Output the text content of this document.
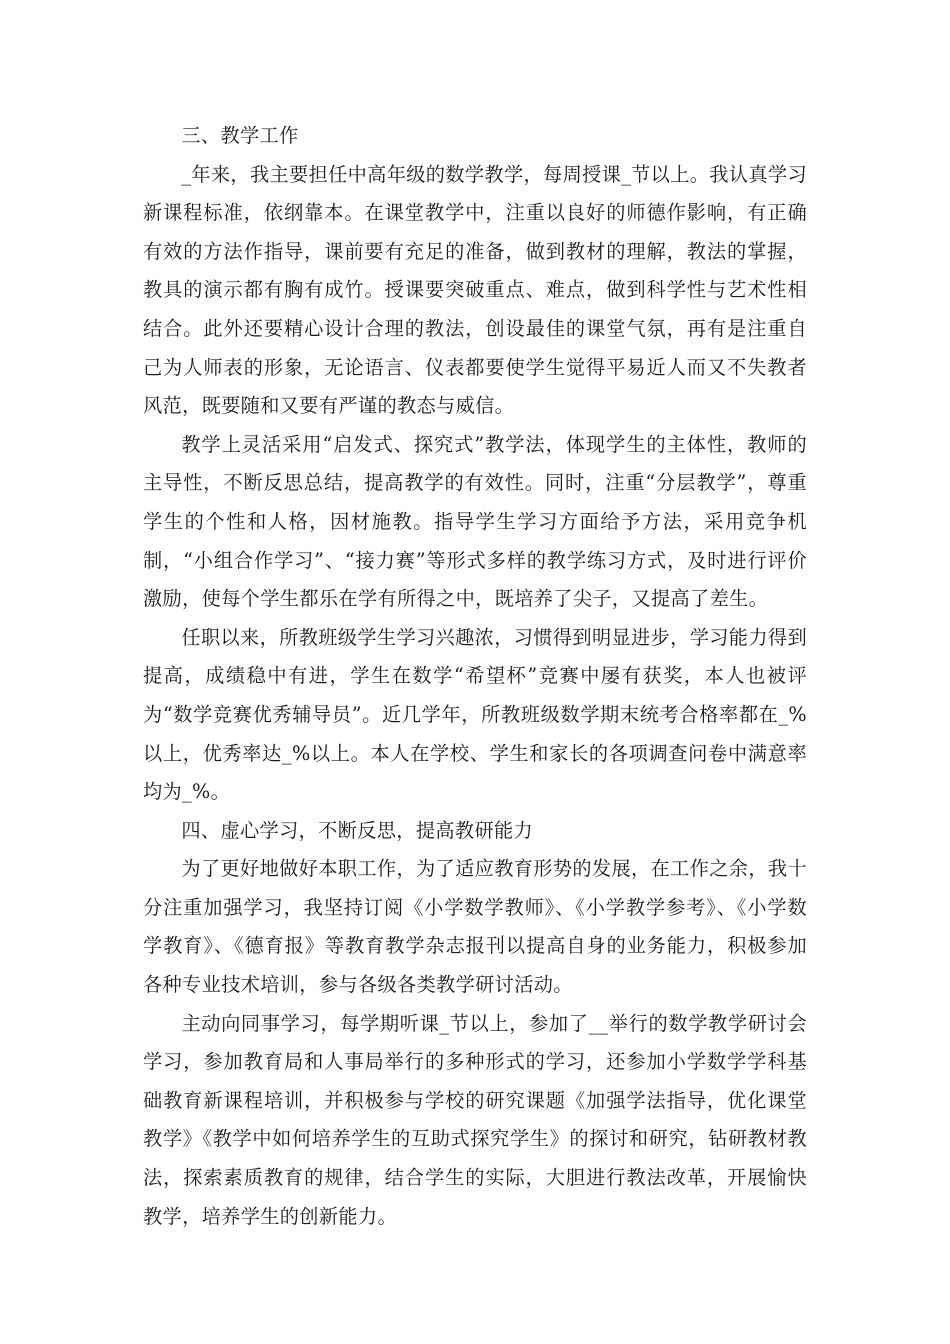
三、教学工作

_年来，我主要担任中高年级的数学教学，每周授课_节以上。我认真学习新课程标准，依纲靠本。在课堂教学中，注重以良好的师德作影响，有正确有效的方法作指导，课前要有充足的准备，做到教材的理解，教法的掌握，教具的演示都有胸有成竹。授课要突破重点、难点，做到科学性与艺术性相结合。此外还要精心设计合理的教法，创设最佳的课堂气氛，再有是注重自己为人师表的形象，无论语言、仪表都要使学生觉得平易近人而又不失教者风范，既要随和又要有严谨的教态与威信。

教学上灵活采用“启发式、探究式”教学法，体现学生的主体性，教师的主导性，不断反思总结，提高教学的有效性。同时，注重“分层教学”，尊重学生的个性和人格，因材施教。指导学生学习方面给予方法，采用竞争机制，“小组合作学习”、“接力赛”等形式多样的教学练习方式，及时进行评价激励，使每个学生都乐在学有所得之中，既培养了尖子，又提高了差生。

任职以来，所教班级学生学习兴趣浓，习惯得到明显进步，学习能力得到提高，成绩稳中有进，学生在数学“希望杯”竞赛中屡有获奖，本人也被评为“数学竞赛优秀辅导员”。近几学年，所教班级数学期末统考合格率都在_%以上，优秀率达_%以上。本人在学校、学生和家长的各项调查问卷中满意率均为_%。

四、虚心学习，不断反思，提高教研能力

为了更好地做好本职工作，为了适应教育形势的发展，在工作之余，我十分注重加强学习，我坚持订阅《小学数学教师》、《小学教学参考》、《小学数学教育》、《德育报》等教育教学杂志报刊以提高自身的业务能力，积极参加各种专业技术培训，参与各级各类教学研讨活动。

主动向同事学习，每学期听课_节以上，参加了__举行的数学教学研讨会学习，参加教育局和人事局举行的多种形式的学习，还参加小学数学学科基础教育新课程培训，并积极参与学校的研究课题《加强学法指导，优化课堂教学》《教学中如何培养学生的互助式探究学生》的探讨和研究，钻研教材教法，探索素质教育的规律，结合学生的实际，大胆进行教法改革，开展愉快教学，培养学生的创新能力。
